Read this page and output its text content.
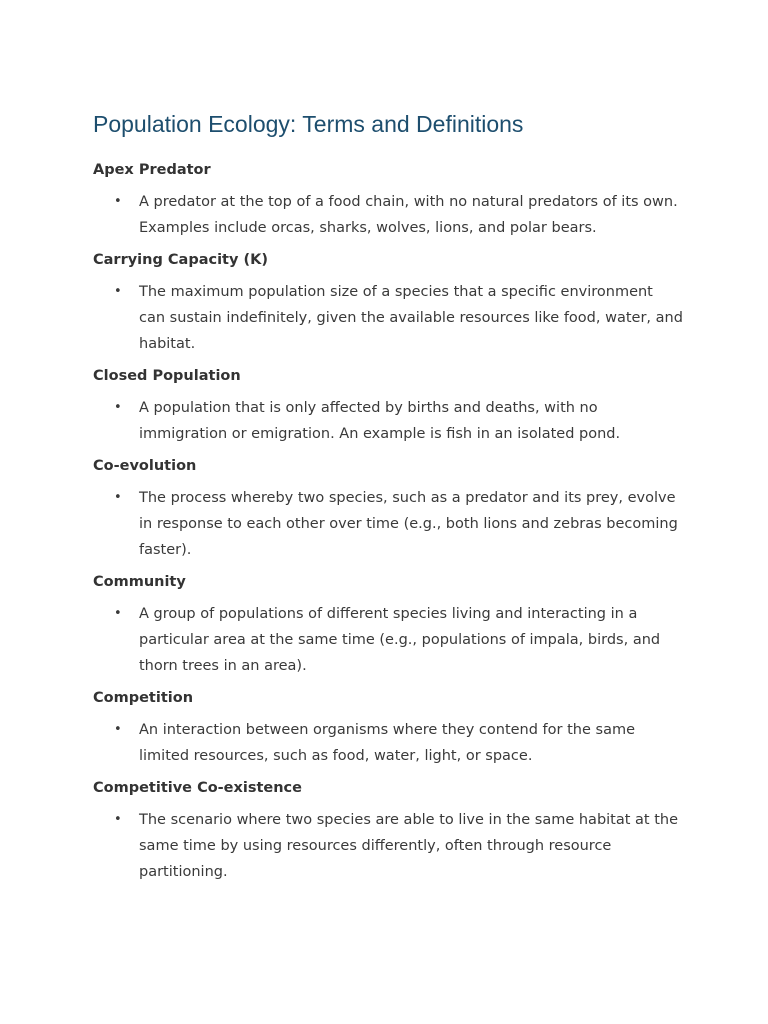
Population Ecology: Terms and Definitions

Apex Predator

• A predator at the top of a food chain, with no natural predators of its own. Examples include orcas, sharks, wolves, lions, and polar bears.

Carrying Capacity (K)

• The maximum population size of a species that a specific environment can sustain indefinitely, given the available resources like food, water, and habitat.

Closed Population

• A population that is only affected by births and deaths, with no immigration or emigration. An example is fish in an isolated pond.

Co-evolution

• The process whereby two species, such as a predator and its prey, evolve in response to each other over time (e.g., both lions and zebras becoming faster).

Community

• A group of populations of different species living and interacting in a particular area at the same time (e.g., populations of impala, birds, and thorn trees in an area).

Competition

• An interaction between organisms where they contend for the same limited resources, such as food, water, light, or space.

Competitive Co-existence

• The scenario where two species are able to live in the same habitat at the same time by using resources differently, often through resource partitioning.
